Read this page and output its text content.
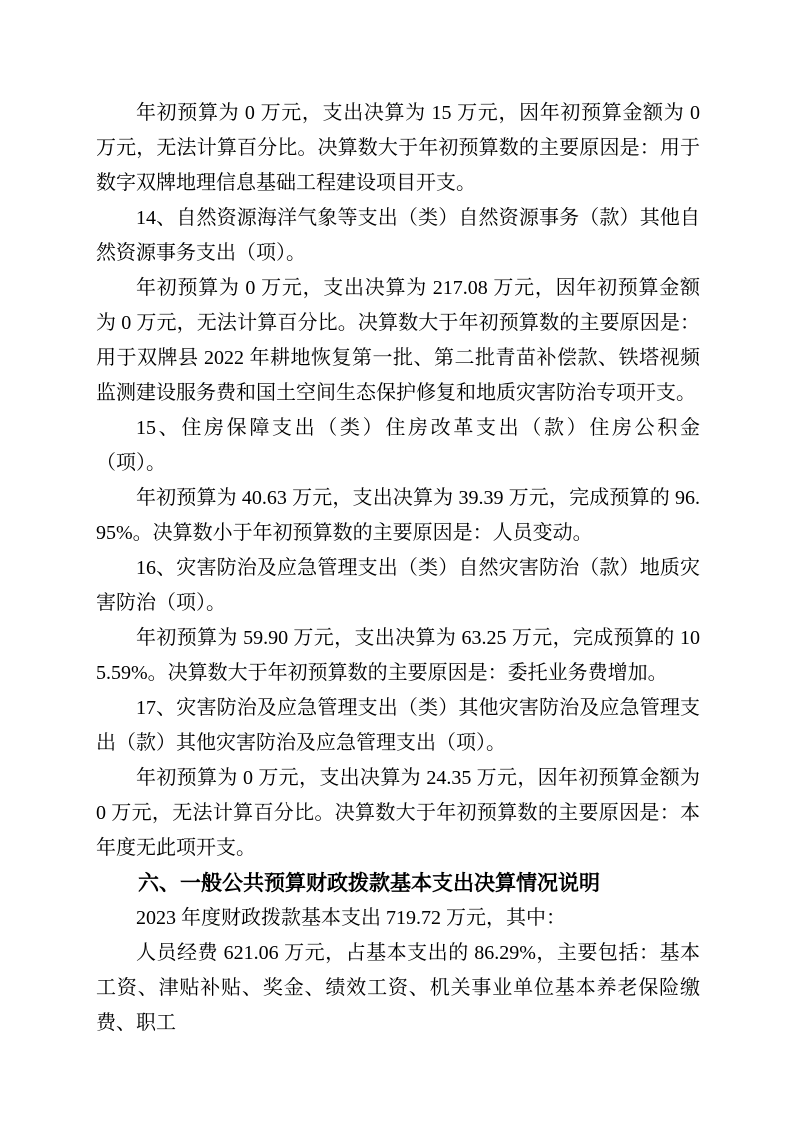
年初预算为 0 万元，支出决算为 15 万元，因年初预算金额为 0 万元，无法计算百分比。决算数大于年初预算数的主要原因是：用于数字双牌地理信息基础工程建设项目开支。

14、自然资源海洋气象等支出（类）自然资源事务（款）其他自然资源事务支出（项）。

年初预算为 0 万元，支出决算为 217.08 万元，因年初预算金额为 0 万元，无法计算百分比。决算数大于年初预算数的主要原因是：用于双牌县 2022 年耕地恢复第一批、第二批青苗补偿款、铁塔视频监测建设服务费和国土空间生态保护修复和地质灾害防治专项开支。

15、住房保障支出（类）住房改革支出（款）住房公积金（项）。

年初预算为 40.63 万元，支出决算为 39.39 万元，完成预算的 96.95%。决算数小于年初预算数的主要原因是：人员变动。

16、灾害防治及应急管理支出（类）自然灾害防治（款）地质灾害防治（项）。

年初预算为 59.90 万元，支出决算为 63.25 万元，完成预算的 105.59%。决算数大于年初预算数的主要原因是：委托业务费增加。

17、灾害防治及应急管理支出（类）其他灾害防治及应急管理支出（款）其他灾害防治及应急管理支出（项）。

年初预算为 0 万元，支出决算为 24.35 万元，因年初预算金额为 0 万元，无法计算百分比。决算数大于年初预算数的主要原因是：本年度无此项开支。

六、一般公共预算财政拨款基本支出决算情况说明

2023 年度财政拨款基本支出 719.72 万元，其中：

人员经费 621.06 万元，占基本支出的 86.29%，主要包括：基本工资、津贴补贴、奖金、绩效工资、机关事业单位基本养老保险缴费、职工
